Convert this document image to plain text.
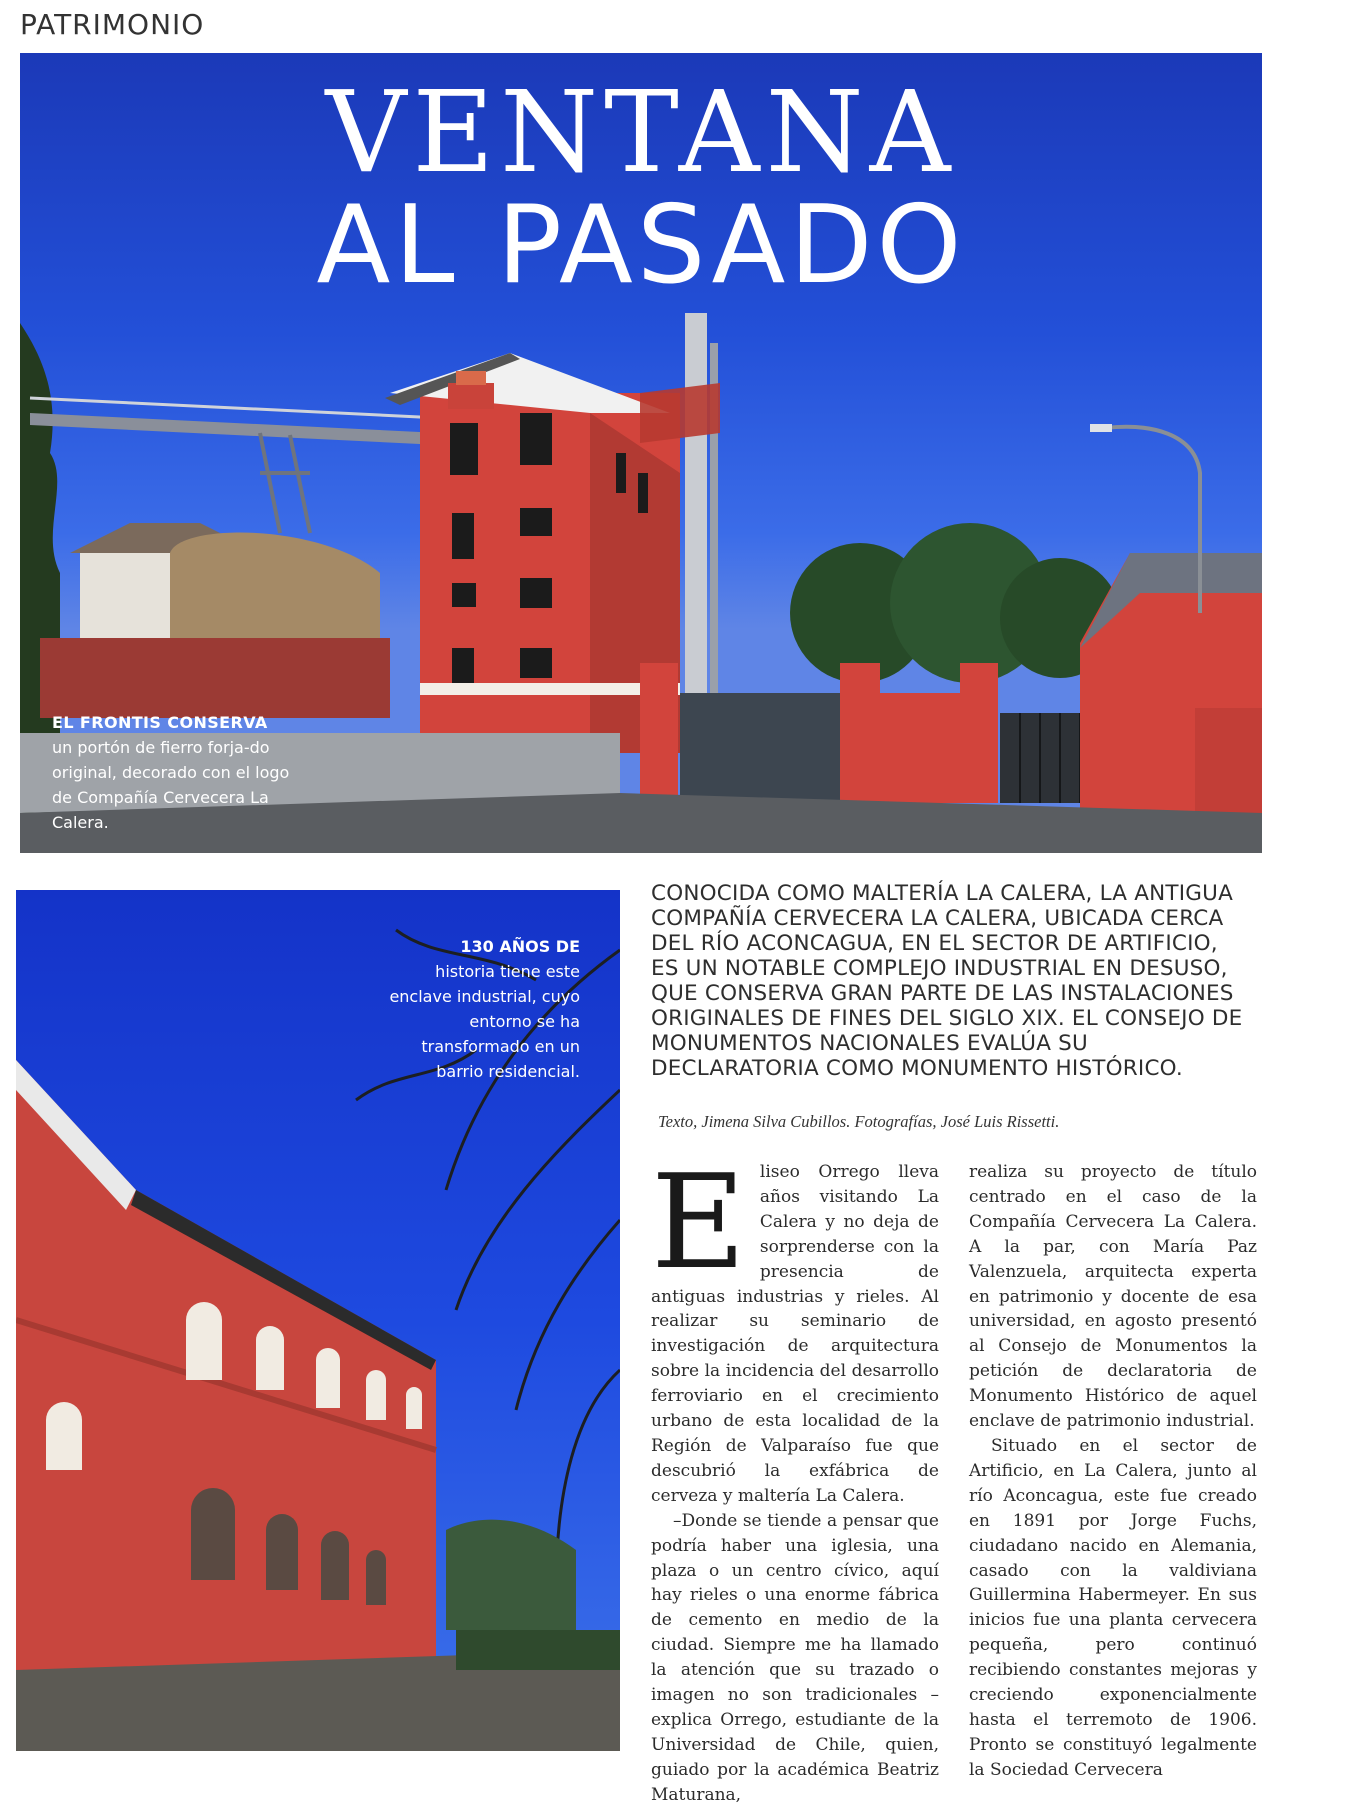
PATRIMONIO
VENTANA
AL PASADO
EL FRONTIS CONSERVA
un portón de fierro forja-do original, decorado con el logo de Compañía Cervecera La Calera.
130 AÑOS DE
historia tiene este enclave industrial, cuyo entorno se ha transformado en un barrio residencial.

CONOCIDA COMO MALTERÍA LA CALERA, LA ANTIGUA COMPAÑÍA CERVECERA LA CALERA, UBICADA CERCA DEL RÍO ACONCAGUA, EN EL SECTOR DE ARTIFICIO, ES UN NOTABLE COMPLEJO INDUSTRIAL EN DESUSO, QUE CONSERVA GRAN PARTE DE LAS INSTALACIONES ORIGINALES DE FINES DEL SIGLO XIX. EL CONSEJO DE MONUMENTOS NACIONALES EVALÚA SU DECLARATORIA COMO MONUMENTO HISTÓRICO.

Texto, Jimena Silva Cubillos. Fotografías, José Luis Rissetti.

Eliseo Orrego lleva años visitando La Calera y no deja de sorprenderse con la presencia de antiguas industrias y rieles. Al realizar su seminario de investigación de arquitectura sobre la incidencia del desarrollo ferroviario en el crecimiento urbano de esta localidad de la Región de Valparaíso fue que descubrió la exfábrica de cerveza y maltería La Calera.

–Donde se tiende a pensar que podría haber una iglesia, una plaza o un centro cívico, aquí hay rieles o una enorme fábrica de cemento en medio de la ciudad. Siempre me ha llamado la atención que su trazado o imagen no son tradicionales –explica Orrego, estudiante de la Universidad de Chile, quien, guiado por la académica Beatriz Maturana,

realiza su proyecto de título centrado en el caso de la Compañía Cervecera La Calera. A la par, con María Paz Valenzuela, arquitecta experta en patrimonio y docente de esa universidad, en agosto presentó al Consejo de Monumentos la petición de declaratoria de Monumento Histórico de aquel enclave de patrimonio industrial.

Situado en el sector de Artificio, en La Calera, junto al río Aconcagua, este fue creado en 1891 por Jorge Fuchs, ciudadano nacido en Alemania, casado con la valdiviana Guillermina Habermeyer. En sus inicios fue una planta cervecera pequeña, pero continuó recibiendo constantes mejoras y creciendo exponencialmente hasta el terremoto de 1906. Pronto se constituyó legalmente la Sociedad Cervecera
